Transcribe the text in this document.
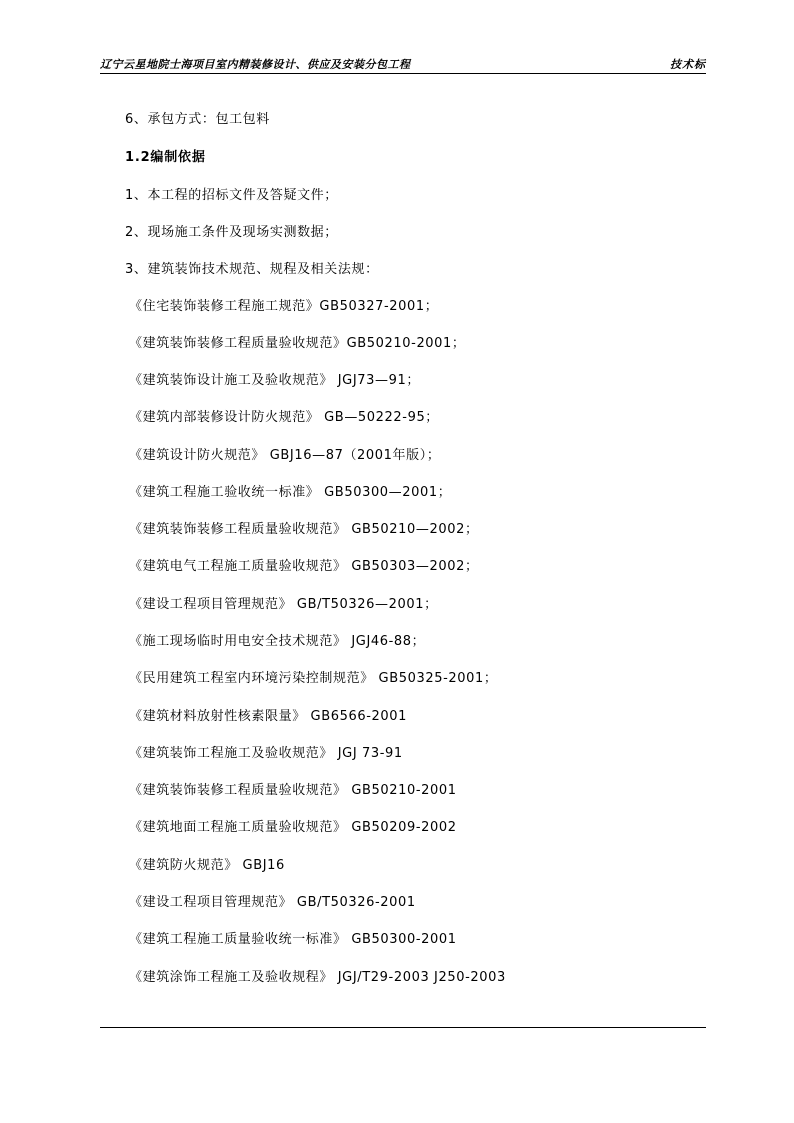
辽宁云星地院士海项目室内精装修设计、供应及安装分包工程	技术标
6、承包方式：包工包料
1.2编制依据
1、本工程的招标文件及答疑文件；
2、现场施工条件及现场实测数据；
3、建筑装饰技术规范、规程及相关法规：
《住宅装饰装修工程施工规范》GB50327-2001；
《建筑装饰装修工程质量验收规范》GB50210-2001；
《建筑装饰设计施工及验收规范》 JGJ73—91；
《建筑内部装修设计防火规范》 GB—50222-95；
《建筑设计防火规范》 GBJ16—87（2001年版）；
《建筑工程施工验收统一标准》 GB50300—2001；
《建筑装饰装修工程质量验收规范》 GB50210—2002；
《建筑电气工程施工质量验收规范》 GB50303—2002；
《建设工程项目管理规范》 GB/T50326—2001；
《施工现场临时用电安全技术规范》 JGJ46-88；
《民用建筑工程室内环境污染控制规范》 GB50325-2001；
《建筑材料放射性核素限量》 GB6566-2001
《建筑装饰工程施工及验收规范》 JGJ 73-91
《建筑装饰装修工程质量验收规范》 GB50210-2001
《建筑地面工程施工质量验收规范》 GB50209-2002
《建筑防火规范》 GBJ16
《建设工程项目管理规范》 GB/T50326-2001
《建筑工程施工质量验收统一标准》 GB50300-2001
《建筑涂饰工程施工及验收规程》 JGJ/T29-2003 J250-2003
